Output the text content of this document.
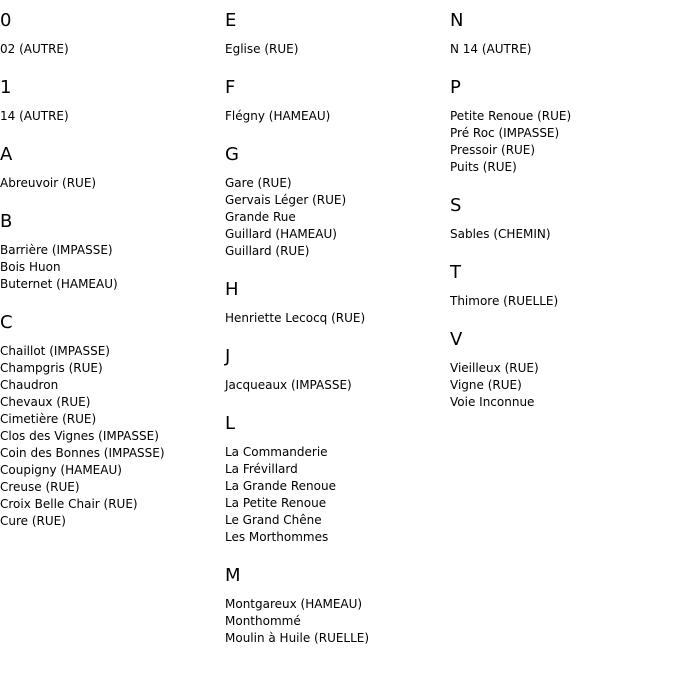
0
02 (AUTRE)
1
14 (AUTRE)
A
Abreuvoir (RUE)
B
Barrière (IMPASSE)
Bois Huon
Buternet (HAMEAU)
C
Chaillot (IMPASSE)
Champgris (RUE)
Chaudron
Chevaux (RUE)
Cimetière (RUE)
Clos des Vignes (IMPASSE)
Coin des Bonnes (IMPASSE)
Coupigny (HAMEAU)
Creuse (RUE)
Croix Belle Chair (RUE)
Cure (RUE)
E
Eglise (RUE)
F
Flégny (HAMEAU)
G
Gare (RUE)
Gervais Léger (RUE)
Grande Rue
Guillard (HAMEAU)
Guillard (RUE)
H
Henriette Lecocq (RUE)
J
Jacqueaux (IMPASSE)
L
La Commanderie
La Frévillard
La Grande Renoue
La Petite Renoue
Le Grand Chêne
Les Morthommes
M
Montgareux (HAMEAU)
Monthommé
Moulin à Huile (RUELLE)
N
N 14 (AUTRE)
P
Petite Renoue (RUE)
Pré Roc (IMPASSE)
Pressoir (RUE)
Puits (RUE)
S
Sables (CHEMIN)
T
Thimore (RUELLE)
V
Vieilleux (RUE)
Vigne (RUE)
Voie Inconnue
